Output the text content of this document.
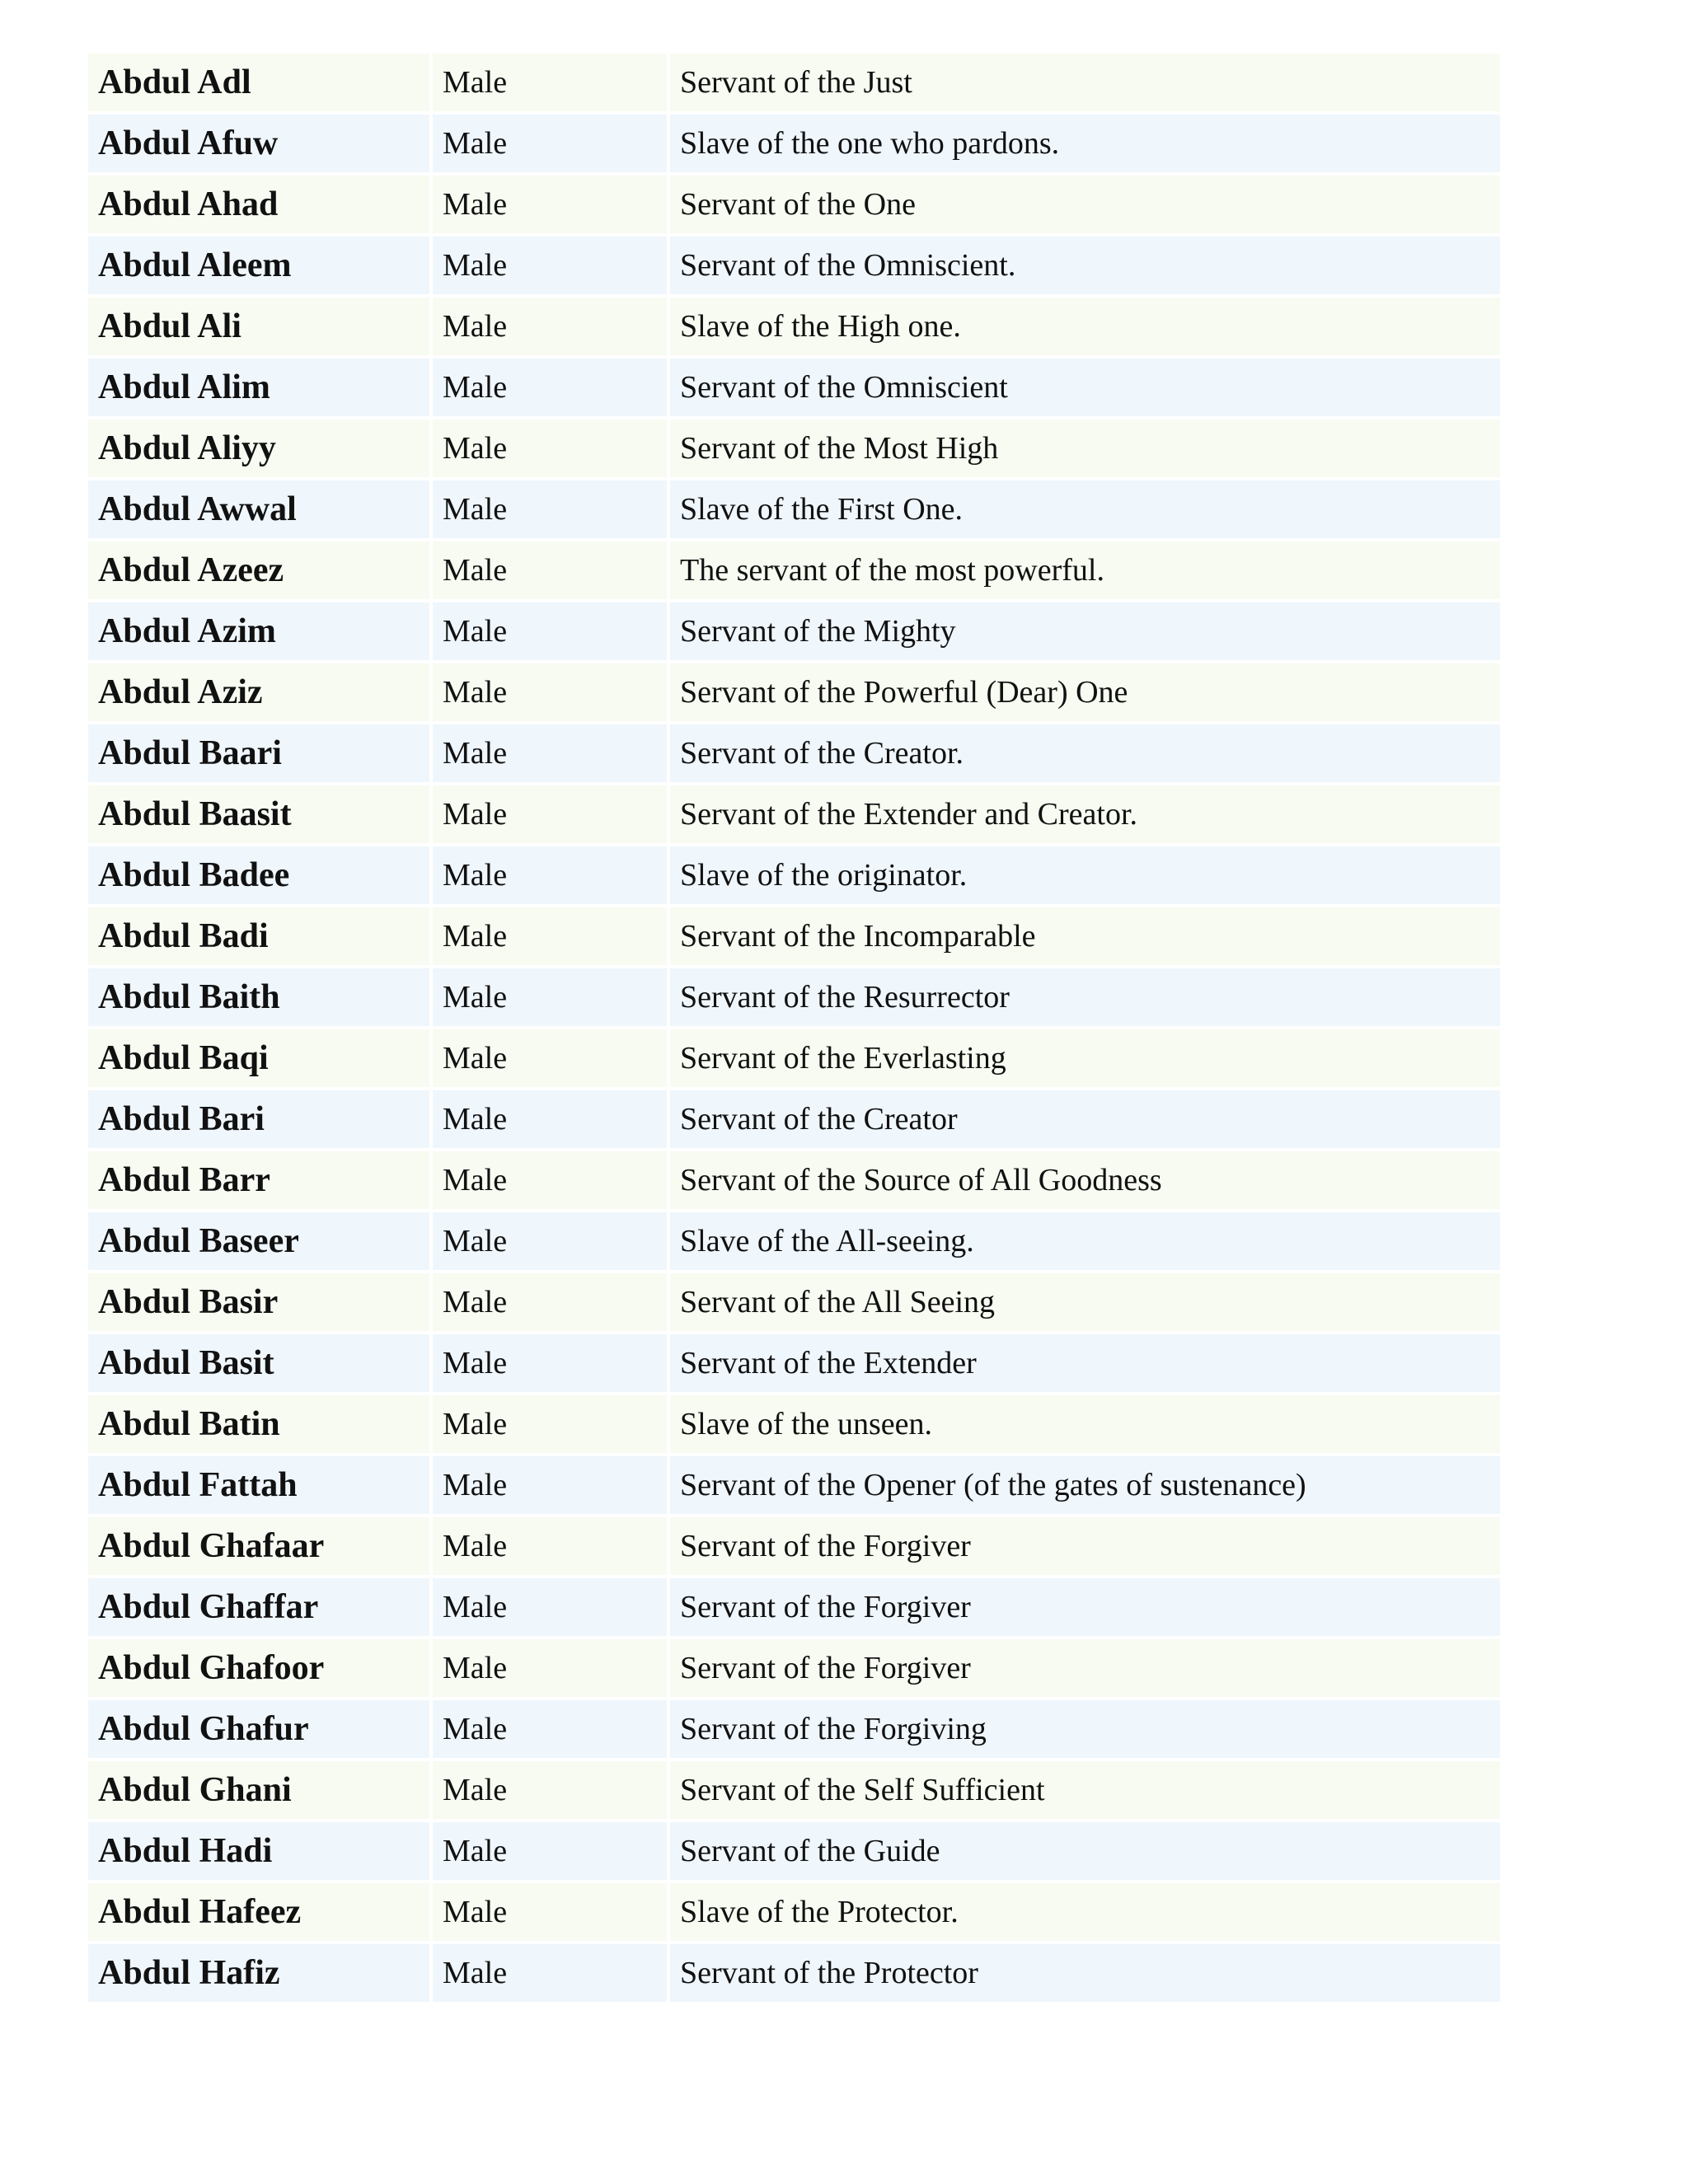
Abdul Adl	Male	Servant of the Just
Abdul Afuw	Male	Slave of the one who pardons.
Abdul Ahad	Male	Servant of the One
Abdul Aleem	Male	Servant of the Omniscient.
Abdul Ali	Male	Slave of the High one.
Abdul Alim	Male	Servant of the Omniscient
Abdul Aliyy	Male	Servant of the Most High
Abdul Awwal	Male	Slave of the First One.
Abdul Azeez	Male	The servant of the most powerful.
Abdul Azim	Male	Servant of the Mighty
Abdul Aziz	Male	Servant of the Powerful (Dear) One
Abdul Baari	Male	Servant of the Creator.
Abdul Baasit	Male	Servant of the Extender and Creator.
Abdul Badee	Male	Slave of the originator.
Abdul Badi	Male	Servant of the Incomparable
Abdul Baith	Male	Servant of the Resurrector
Abdul Baqi	Male	Servant of the Everlasting
Abdul Bari	Male	Servant of the Creator
Abdul Barr	Male	Servant of the Source of All Goodness
Abdul Baseer	Male	Slave of the All-seeing.
Abdul Basir	Male	Servant of the All Seeing
Abdul Basit	Male	Servant of the Extender
Abdul Batin	Male	Slave of the unseen.
Abdul Fattah	Male	Servant of the Opener (of the gates of sustenance)
Abdul Ghafaar	Male	Servant of the Forgiver
Abdul Ghaffar	Male	Servant of the Forgiver
Abdul Ghafoor	Male	Servant of the Forgiver
Abdul Ghafur	Male	Servant of the Forgiving
Abdul Ghani	Male	Servant of the Self Sufficient
Abdul Hadi	Male	Servant of the Guide
Abdul Hafeez	Male	Slave of the Protector.
Abdul Hafiz	Male	Servant of the Protector
